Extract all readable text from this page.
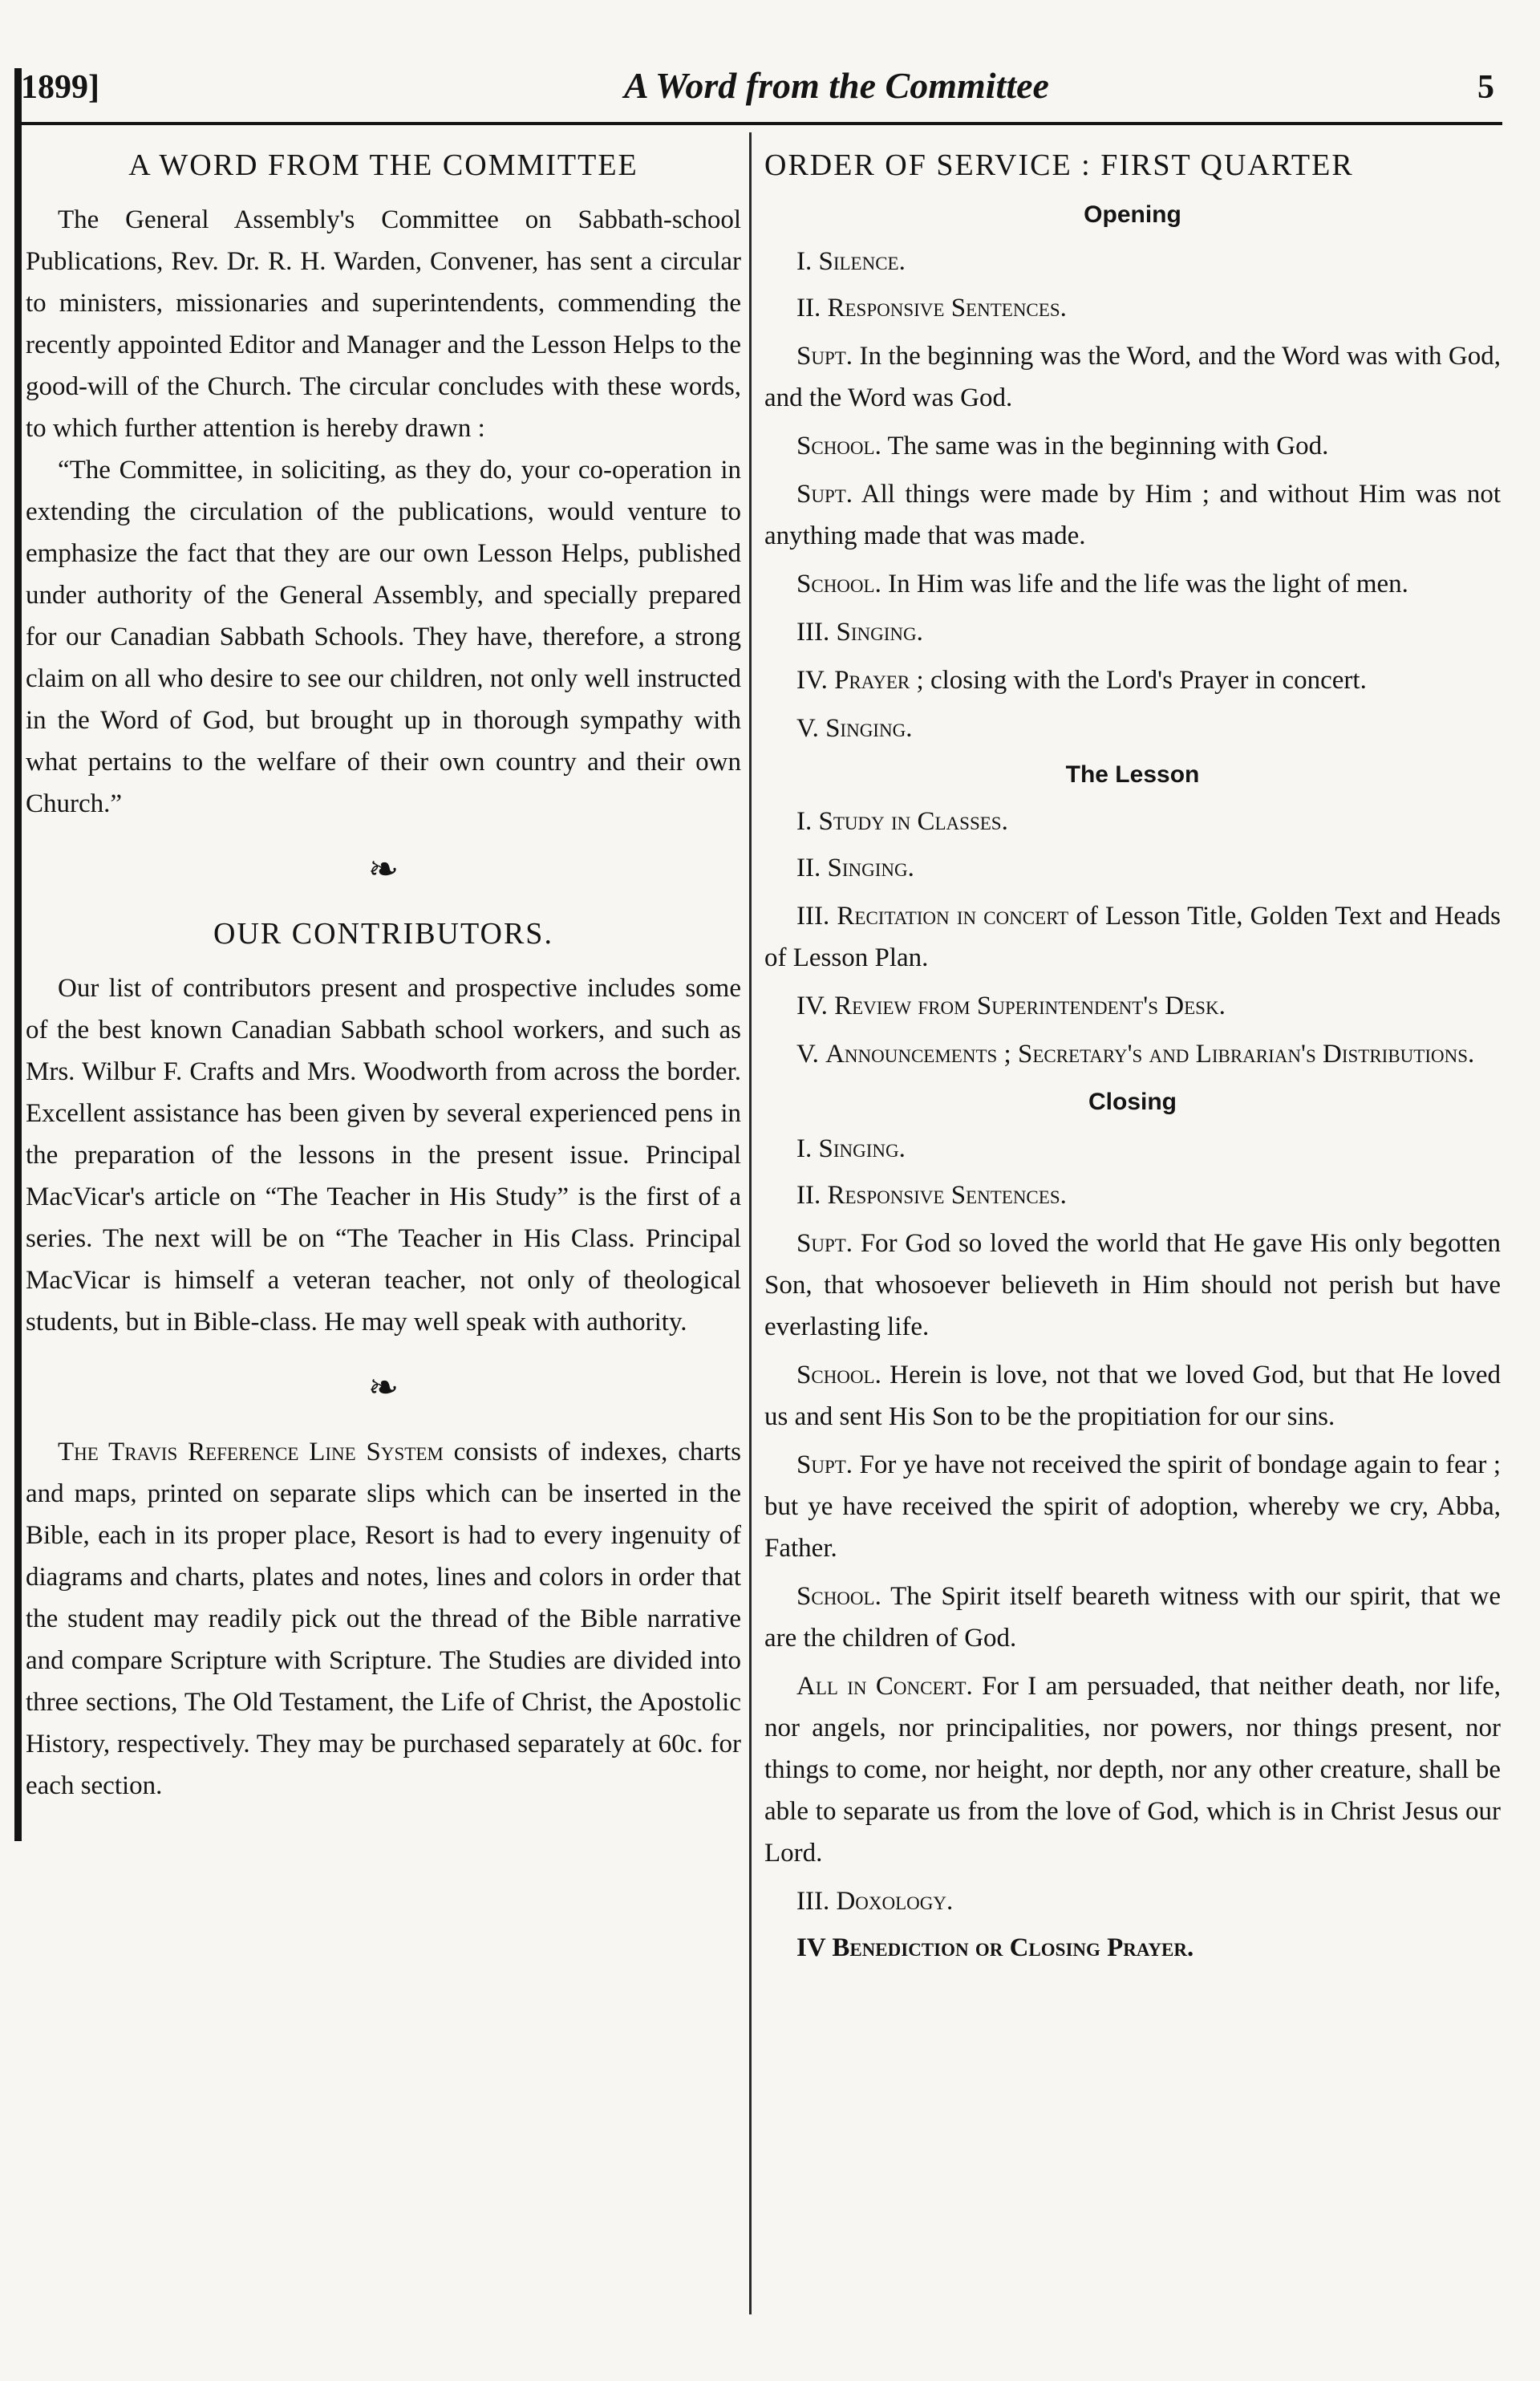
1899]	A Word from the Committee	5
A WORD FROM THE COMMITTEE

The General Assembly's Committee on Sabbath-school Publications, Rev. Dr. R. H. Warden, Convener, has sent a circular to ministers, missionaries and superintendents, commending the recently appointed Editor and Manager and the Lesson Helps to the good-will of the Church. The circular concludes with these words, to which further attention is hereby drawn :

“The Committee, in soliciting, as they do, your co-operation in extending the circulation of the publications, would venture to emphasize the fact that they are our own Lesson Helps, published under authority of the General Assembly, and specially prepared for our Canadian Sabbath Schools. They have, therefore, a strong claim on all who desire to see our children, not only well instructed in the Word of God, but brought up in thorough sympathy with what pertains to the welfare of their own country and their own Church.”

❧
OUR CONTRIBUTORS.

Our list of contributors present and prospective includes some of the best known Canadian Sabbath school workers, and such as Mrs. Wilbur F. Crafts and Mrs. Woodworth from across the border. Excellent assistance has been given by several experienced pens in the preparation of the lessons in the present issue. Principal MacVicar's article on “The Teacher in His Study” is the first of a series. The next will be on “The Teacher in His Class. Principal MacVicar is himself a veteran teacher, not only of theological students, but in Bible-class. He may well speak with authority.

❧

The Travis Reference Line System consists of indexes, charts and maps, printed on separate slips which can be inserted in the Bible, each in its proper place, Resort is had to every ingenuity of diagrams and charts, plates and notes, lines and colors in order that the student may readily pick out the thread of the Bible narrative and compare Scripture with Scripture. The Studies are divided into three sections, The Old Testament, the Life of Christ, the Apostolic History, respectively. They may be purchased separately at 60c. for each section.

ORDER OF SERVICE : FIRST QUARTER
Opening

I. Silence.

II. Responsive Sentences.

Supt. In the beginning was the Word, and the Word was with God, and the Word was God.

School. The same was in the beginning with God.

Supt. All things were made by Him ; and without Him was not anything made that was made.

School. In Him was life and the life was the light of men.

III. Singing.

IV. Prayer ; closing with the Lord's Prayer in concert.

V. Singing.

The Lesson

I. Study in Classes.

II. Singing.

III. Recitation in concert of Lesson Title, Golden Text and Heads of Lesson Plan.

IV. Review from Superintendent's Desk.

V. Announcements ; Secretary's and Librarian's Distributions.

Closing

I. Singing.

II. Responsive Sentences.

Supt. For God so loved the world that He gave His only begotten Son, that whosoever believeth in Him should not perish but have everlasting life.

School. Herein is love, not that we loved God, but that He loved us and sent His Son to be the propitiation for our sins.

Supt. For ye have not received the spirit of bondage again to fear ; but ye have received the spirit of adoption, whereby we cry, Abba, Father.

School. The Spirit itself beareth witness with our spirit, that we are the children of God.

All in Concert. For I am persuaded, that neither death, nor life, nor angels, nor principalities, nor powers, nor things present, nor things to come, nor height, nor depth, nor any other creature, shall be able to separate us from the love of God, which is in Christ Jesus our Lord.

III. Doxology.

IV Benediction or Closing Prayer.
